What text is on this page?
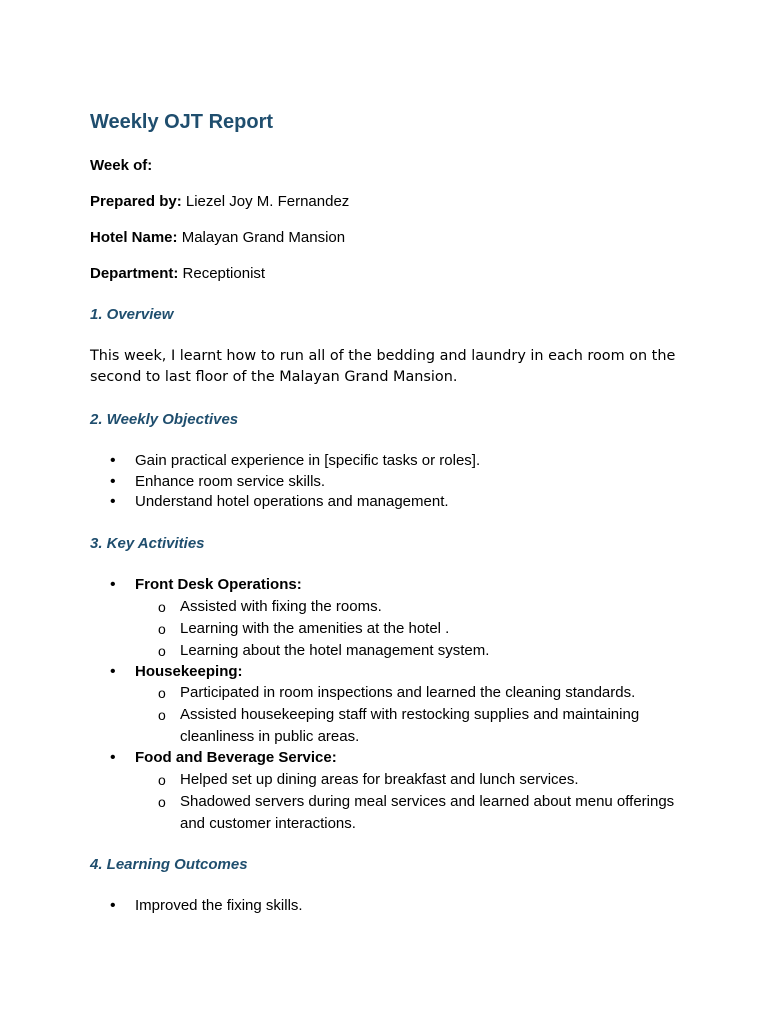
Weekly OJT Report

Week of:

Prepared by: Liezel Joy M. Fernandez

Hotel Name: Malayan Grand Mansion

Department: Receptionist

1. Overview

This week, I learnt how to run all of the bedding and laundry in each room on the second to last floor of the Malayan Grand Mansion.

2. Weekly Objectives
• Gain practical experience in [specific tasks or roles].
• Enhance room service skills.
• Understand hotel operations and management.
3. Key Activities
• Front Desk Operations:
o Assisted with fixing the rooms.
o Learning with the amenities at the hotel .
o Learning about the hotel management system.
• Housekeeping:
o Participated in room inspections and learned the cleaning standards.
o Assisted housekeeping staff with restocking supplies and maintaining cleanliness in public areas.
• Food and Beverage Service:
o Helped set up dining areas for breakfast and lunch services.
o Shadowed servers during meal services and learned about menu offerings and customer interactions.
4. Learning Outcomes
• Improved the fixing skills.
